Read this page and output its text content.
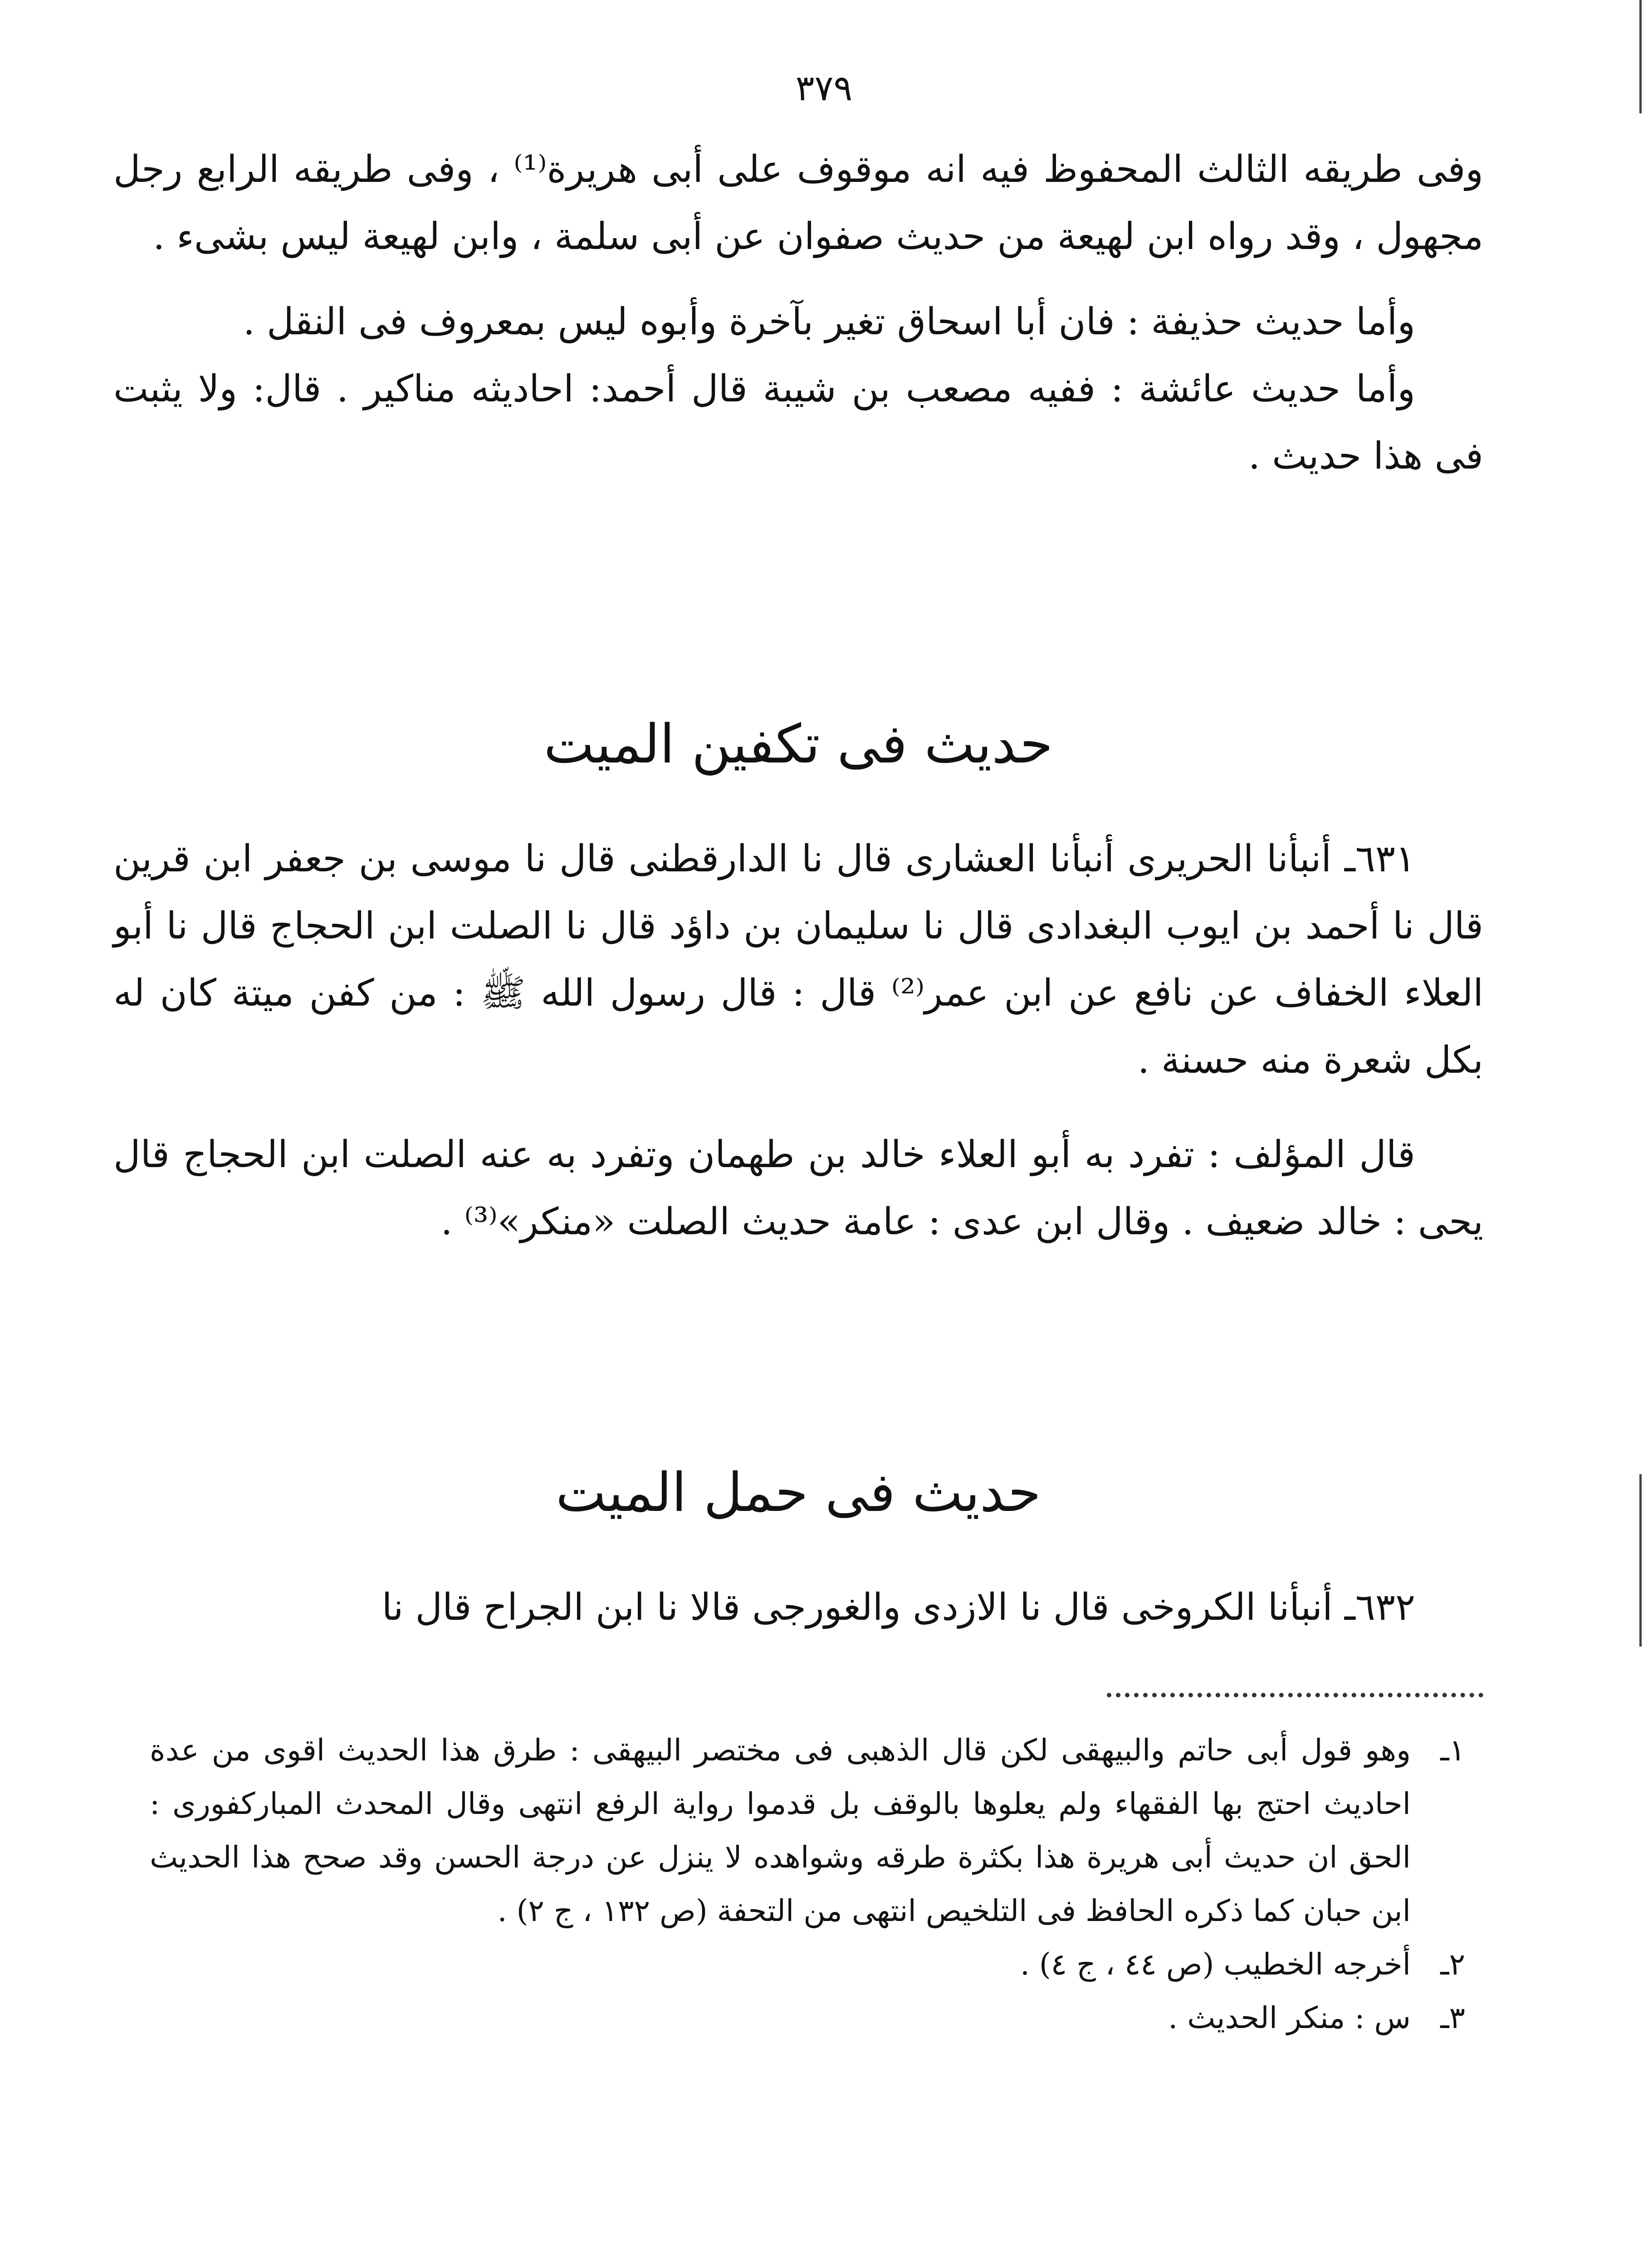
٣٧٩

وفى طريقه الثالث المحفوظ فيه انه موقوف على أبى هريرة⁽¹⁾ ، وفى طريقه الرابع رجل مجهول ، وقد رواه ابن لهيعة من حديث صفوان عن أبى سلمة ، وابن لهيعة ليس بشىء .

وأما حديث حذيفة : فان أبا اسحاق تغير بآخرة وأبوه ليس بمعروف فى النقل .

وأما حديث عائشة : ففيه مصعب بن شيبة قال أحمد: احاديثه مناكير . قال: ولا يثبت فى هذا حديث .

حديث فى تكفين الميت

٦٣١ـ أنبأنا الحريرى أنبأنا العشارى قال نا الدارقطنى قال نا موسى بن جعفر ابن قرين قال نا أحمد بن ايوب البغدادى قال نا سليمان بن داؤد قال نا الصلت ابن الحجاج قال نا أبو العلاء الخفاف عن نافع عن ابن عمر⁽²⁾ قال : قال رسول الله ﷺ : من كفن ميتة كان له بكل شعرة منه حسنة .

قال المؤلف : تفرد به أبو العلاء خالد بن طهمان وتفرد به عنه الصلت ابن الحجاج قال يحى : خالد ضعيف . وقال ابن عدى : عامة حديث الصلت «منكر»⁽³⁾ .

حديث فى حمل الميت

٦٣٢ـ أنبأنا الكروخى قال نا الازدى والغورجى قالا نا ابن الجراح قال نا

١ـ
وهو قول أبى حاتم والبيهقى لكن قال الذهبى فى مختصر البيهقى : طرق هذا الحديث اقوى من عدة احاديث احتج بها الفقهاء ولم يعلوها بالوقف بل قدموا رواية الرفع انتهى وقال المحدث المباركفورى : الحق ان حديث أبى هريرة هذا بكثرة طرقه وشواهده لا ينزل عن درجة الحسن وقد صحح هذا الحديث ابن حبان كما ذكره الحافظ فى التلخيص انتهى من التحفة (ص ١٣٢ ، ج ٢) .
٢ـ
أخرجه الخطيب (ص ٤٤ ، ج ٤) .
٣ـ
س : منكر الحديث .
